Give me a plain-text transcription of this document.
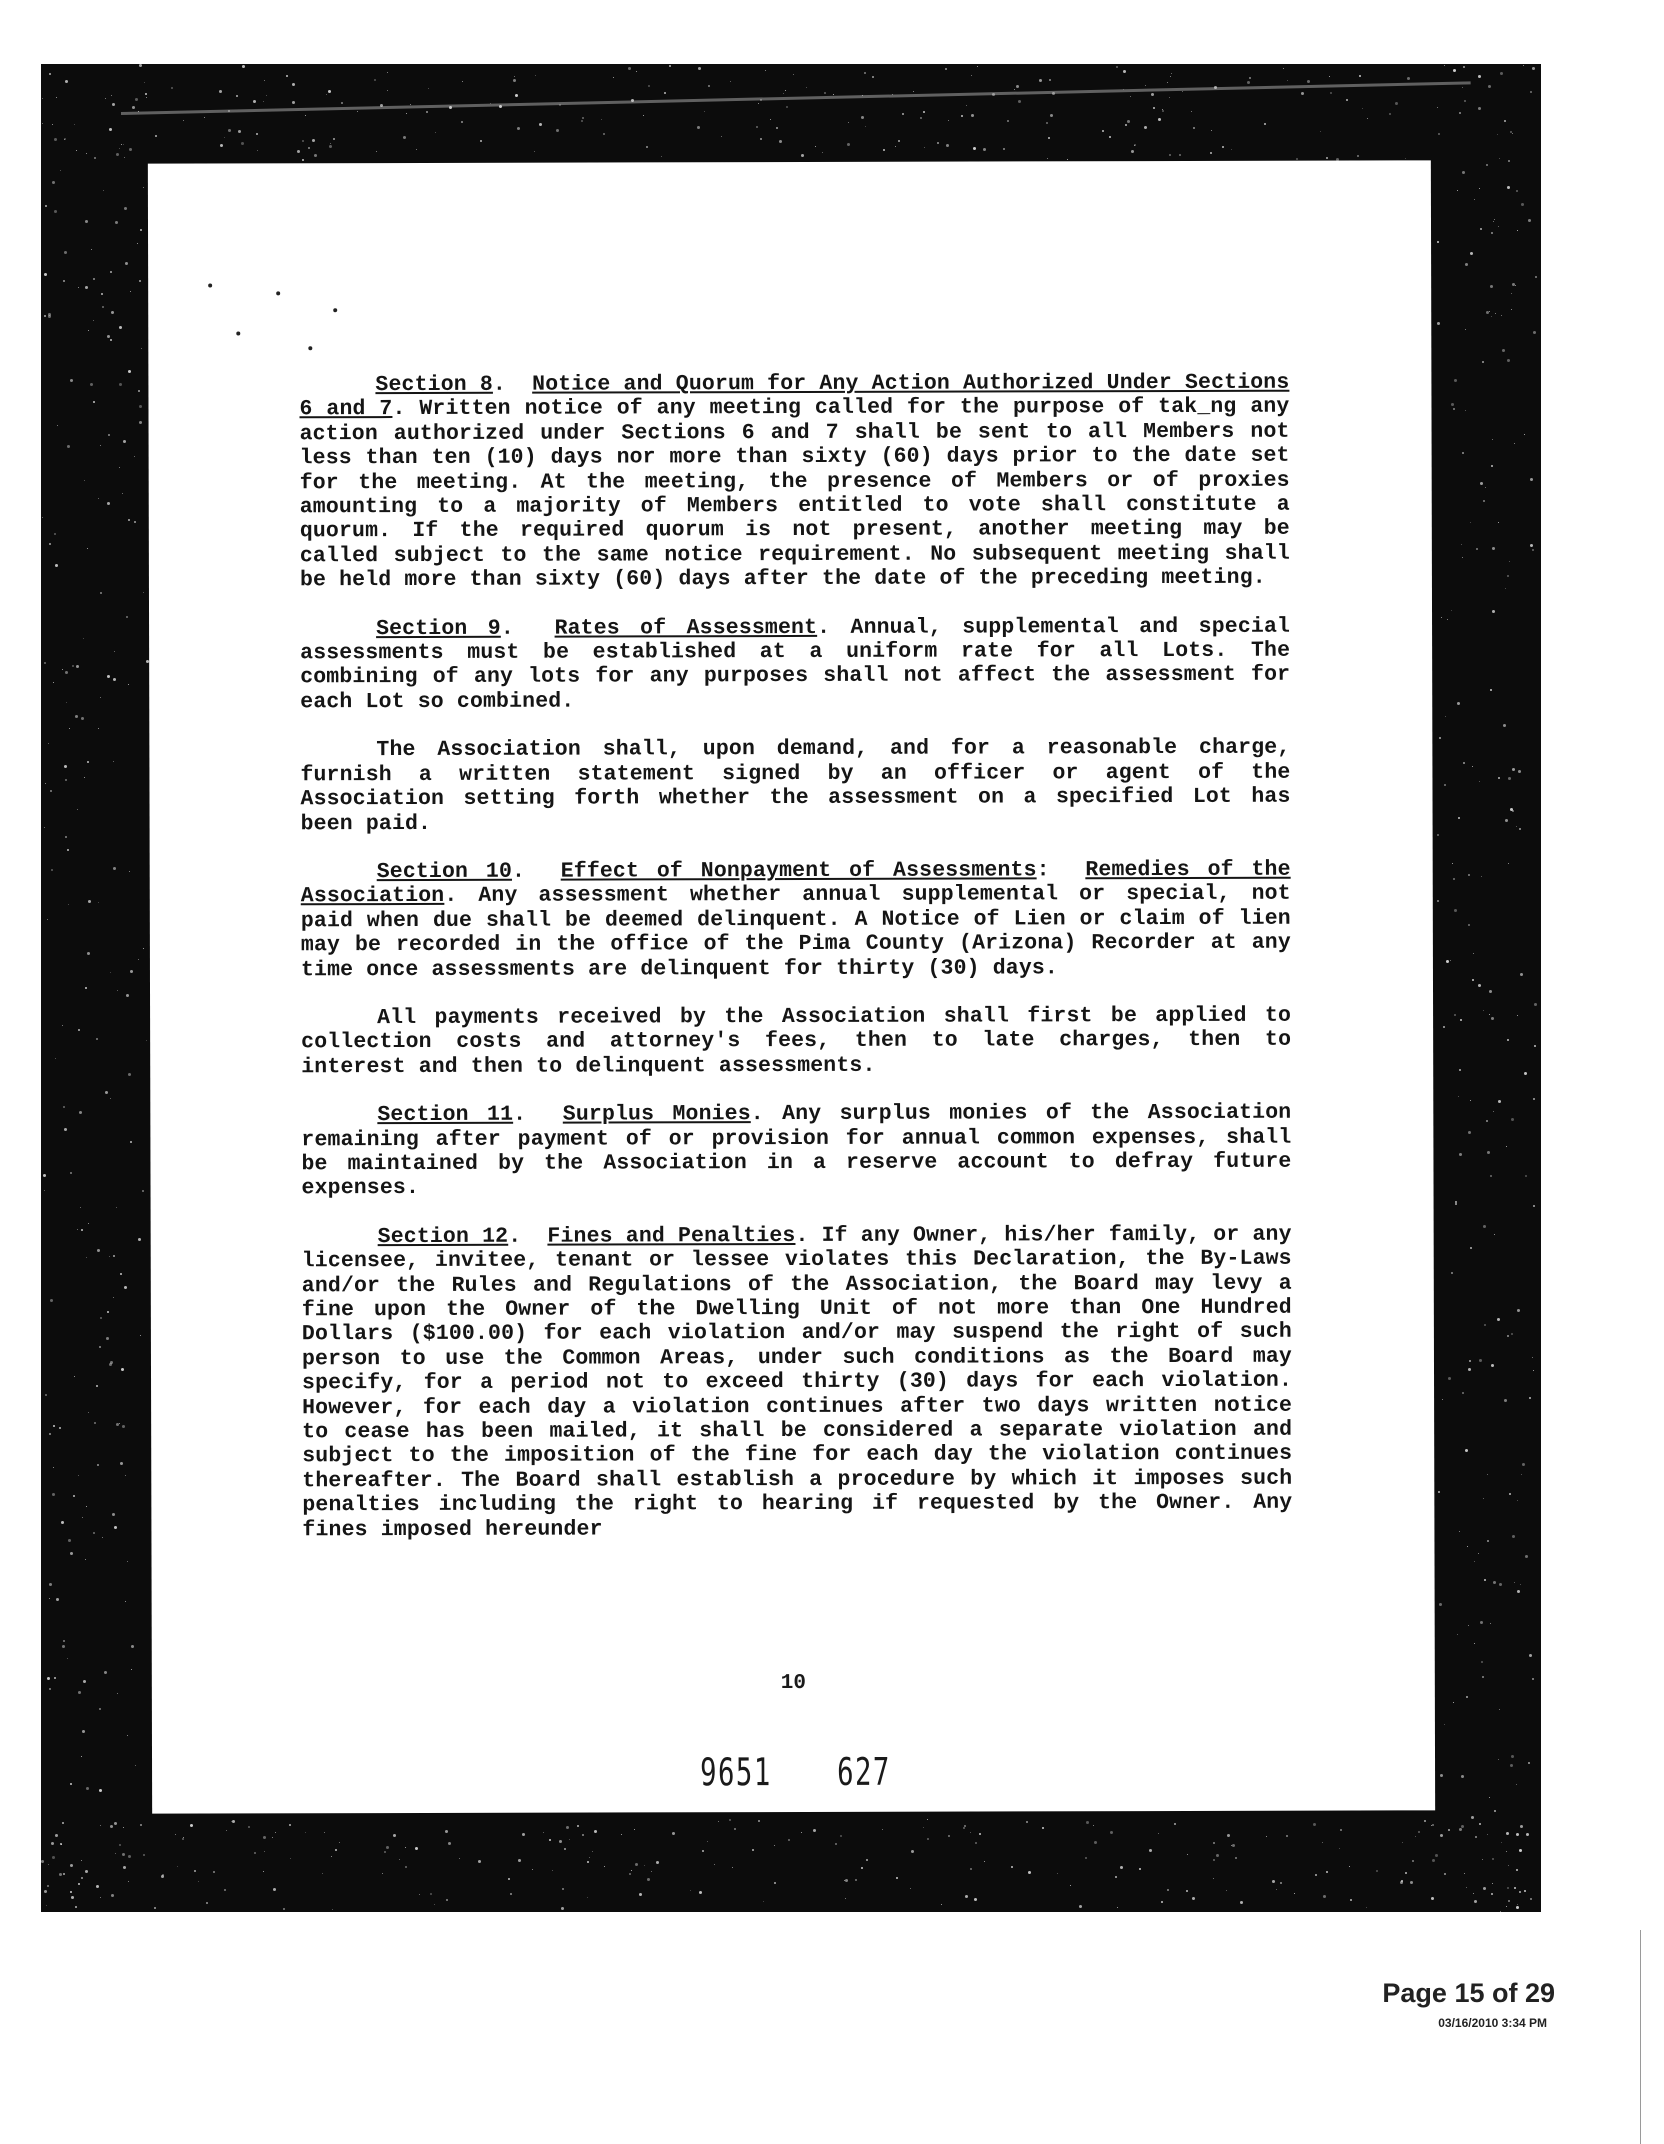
Section 8.  Notice and Quorum for Any Action Authorized Under Sections 6 and 7. Written notice of any meeting called for the purpose of tak_ng any action authorized under Sections 6 and 7 shall be sent to all Members not less than ten (10) days nor more than sixty (60) days prior to the date set for the meeting. At the meeting, the presence of Members or of proxies amounting to a majority of Members entitled to vote shall constitute a quorum. If the required quorum is not present, another meeting may be called subject to the same notice requirement. No subsequent meeting shall be held more than sixty (60) days after the date of the preceding meeting.

Section 9.  Rates of Assessment. Annual, supplemental and special assessments must be established at a uniform rate for all Lots. The combining of any lots for any purposes shall not affect the assessment for each Lot so combined.

The Association shall, upon demand, and for a reasonable charge, furnish a written statement signed by an officer or agent of the Association setting forth whether the assessment on a specified Lot has been paid.

Section 10.  Effect of Nonpayment of Assessments:  Remedies of the Association. Any assessment whether annual supplemental or special, not paid when due shall be deemed delinquent. A Notice of Lien or claim of lien may be recorded in the office of the Pima County (Arizona) Recorder at any time once assessments are delinquent for thirty (30) days.

All payments received by the Association shall first be applied to collection costs and attorney's fees, then to late charges, then to interest and then to delinquent assessments.

Section 11.  Surplus Monies. Any surplus monies of the Association remaining after payment of or provision for annual common expenses, shall be maintained by the Association in a reserve account to defray future expenses.

Section 12.  Fines and Penalties. If any Owner, his/her family, or any licensee, invitee, tenant or lessee violates this Declaration, the By-Laws and/or the Rules and Regulations of the Association, the Board may levy a fine upon the Owner of the Dwelling Unit of not more than One Hundred Dollars ($100.00) for each violation and/or may suspend the right of such person to use the Common Areas, under such conditions as the Board may specify, for a period not to exceed thirty (30) days for each violation. However, for each day a violation continues after two days written notice to cease has been mailed, it shall be considered a separate violation and subject to the imposition of the fine for each day the violation continues thereafter. The Board shall establish a procedure by which it imposes such penalties including the right to hearing if requested by the Owner. Any fines imposed hereunder

10
9651 627
Page 15 of 29
03/16/2010 3:34 PM
